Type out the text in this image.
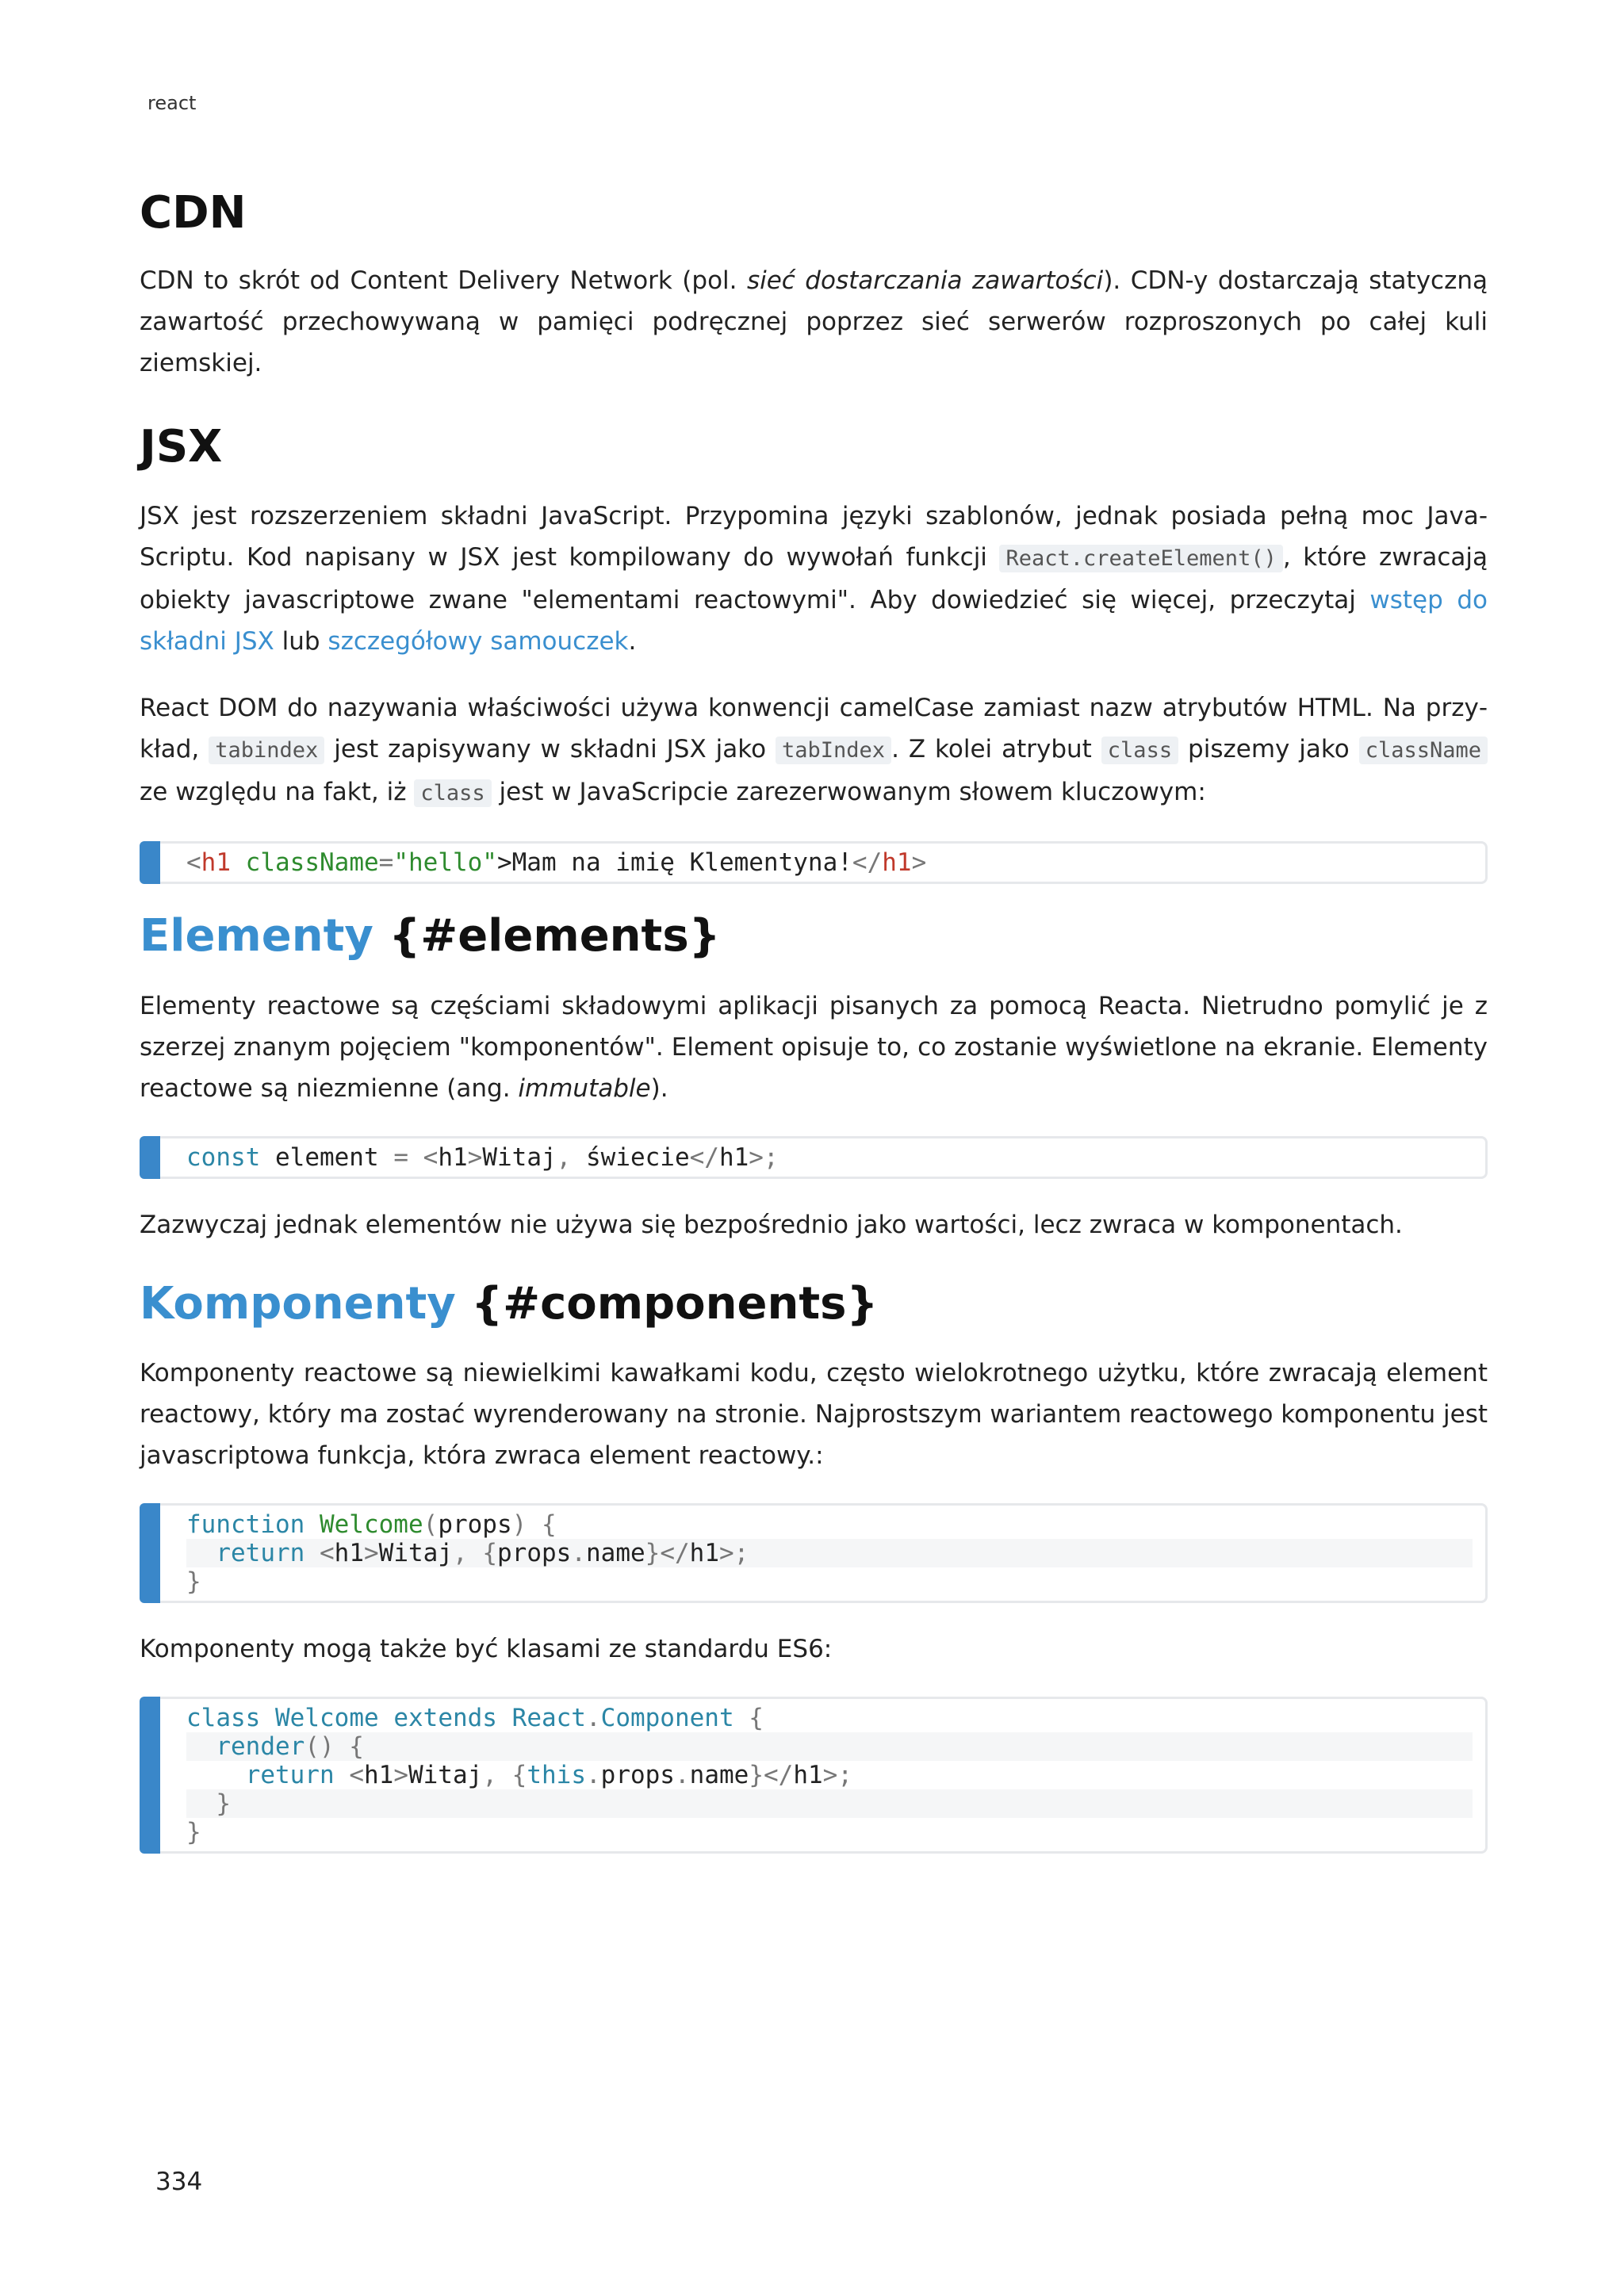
react
CDN

CDN to skrót od Content Delivery Network (pol. sieć dostarczania zawartości). CDN-y dostarczają statyczną zawartość przechowywaną w pamięci podręcznej poprzez sieć serwerów rozproszonych po całej kuli ziemskiej.

JSX

JSX jest rozszerzeniem składni JavaScript. Przypomina języki szablonów, jednak posiada pełną moc JavaScriptu. Kod napisany w JSX jest kompilowany do wywołań funkcji React.createElement() , które zwracają obiekty javascriptowe zwane "elementami reactowymi". Aby dowiedzieć się więcej, przeczytaj wstęp do składni JSX lub szczegółowy samouczek.

React DOM do nazywania właściwości używa konwencji camelCase zamiast nazw atrybutów HTML. Na przykład, tabindex jest zapisywany w składni JSX jako tabIndex . Z kolei atrybut class piszemy jako className ze względu na fakt, iż class jest w JavaScripcie zarezerwowanym słowem kluczowym:

<h1 className="hello">Mam na imię Klementyna!</h1>
Elementy {#elements}

Elementy reactowe są częściami składowymi aplikacji pisanych za pomocą Reacta. Nietrudno pomylić je z szerzej znanym pojęciem "komponentów". Element opisuje to, co zostanie wyświetlone na ekranie. Elementy reactowe są niezmienne (ang. immutable).

const element = <h1>Witaj, świecie</h1>;

Zazwyczaj jednak elementów nie używa się bezpośrednio jako wartości, lecz zwraca w komponentach.

Komponenty {#components}

Komponenty reactowe są niewielkimi kawałkami kodu, często wielokrotnego użytku, które zwracają element reactowy, który ma zostać wyrenderowany na stronie. Najprostszym wariantem reactowego komponentu jest javascriptowa funkcja, która zwraca element reactowy.:

function Welcome(props) {
return <h1>Witaj, {props.name}</h1>;
}

Komponenty mogą także być klasami ze standardu ES6:

class Welcome extends React.Component {
render() {
return <h1>Witaj, {this.props.name}</h1>;
}
}
334
